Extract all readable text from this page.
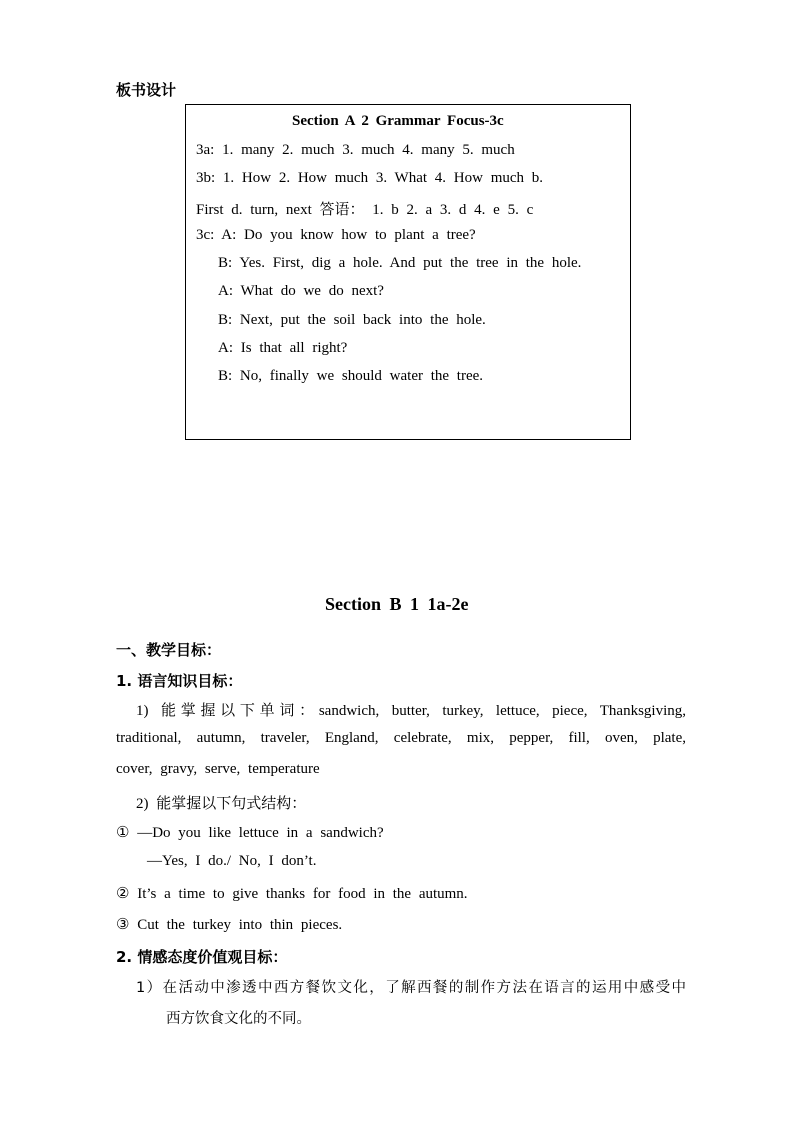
板书设计
Section A 2 Grammar Focus-3c
3a: 1. many 2. much 3. much 4. many 5. much
3b: 1. How 2. How much 3. What 4. How much b.
First d. turn, next 答语： 1. b 2. a 3. d 4. e 5. c
3c: A: Do you know how to plant a tree?
B: Yes. First, dig a hole. And put the tree in the hole.
A: What do we do next?
B: Next, put the soil back into the hole.
A: Is that all right?
B: No, finally we should water the tree.
Section B 1 1a-2e
一、教学目标：
1. 语言知识目标：
1) 能掌握以下单词：sandwich, butter, turkey, lettuce, piece, Thanksgiving,
traditional, autumn, traveler, England, celebrate, mix, pepper, fill, oven, plate,
cover, gravy, serve, temperature
2) 能掌握以下句式结构：
① —Do you like lettuce in a sandwich?
—Yes, I do./ No, I don’t.
② It’s a time to give thanks for food in the autumn.
③ Cut the turkey into thin pieces.
2. 情感态度价值观目标：
1）在活动中渗透中西方餐饮文化，了解西餐的制作方法在语言的运用中感受中
西方饮食文化的不同。
